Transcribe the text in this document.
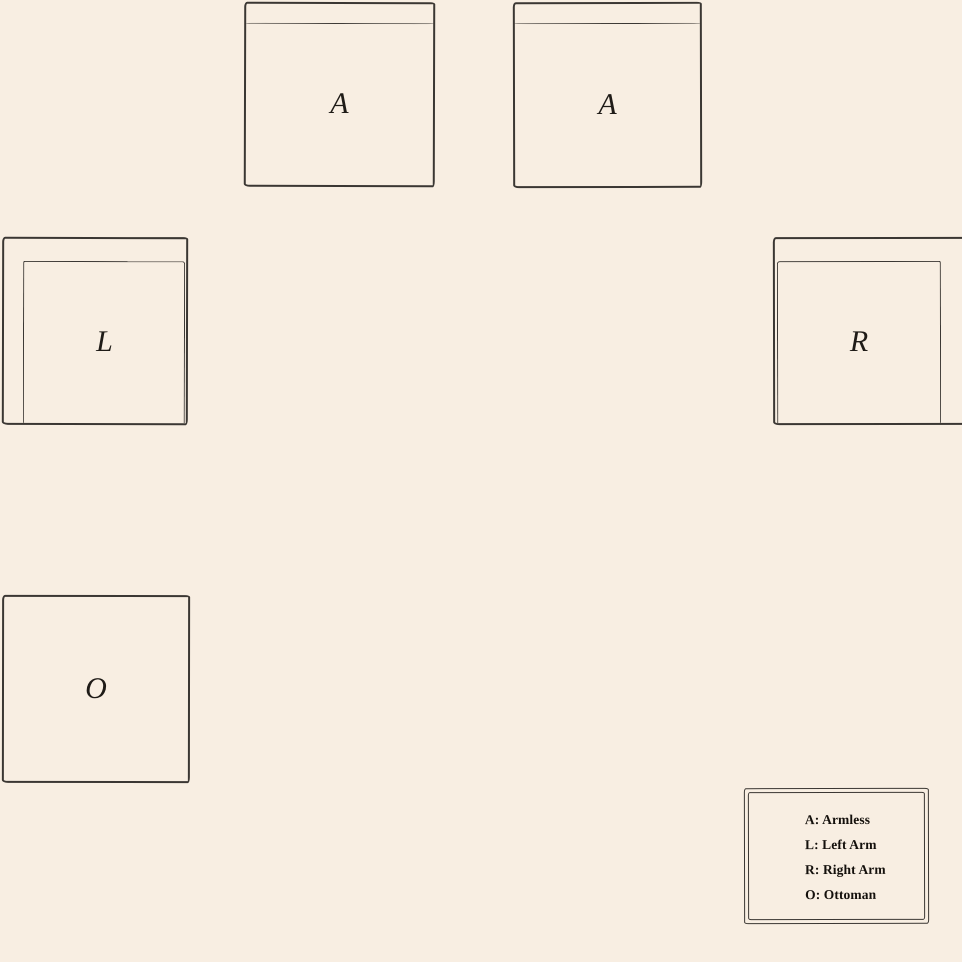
A	A
L	R
O
A: Armless
L: Left Arm
R: Right Arm
O: Ottoman
